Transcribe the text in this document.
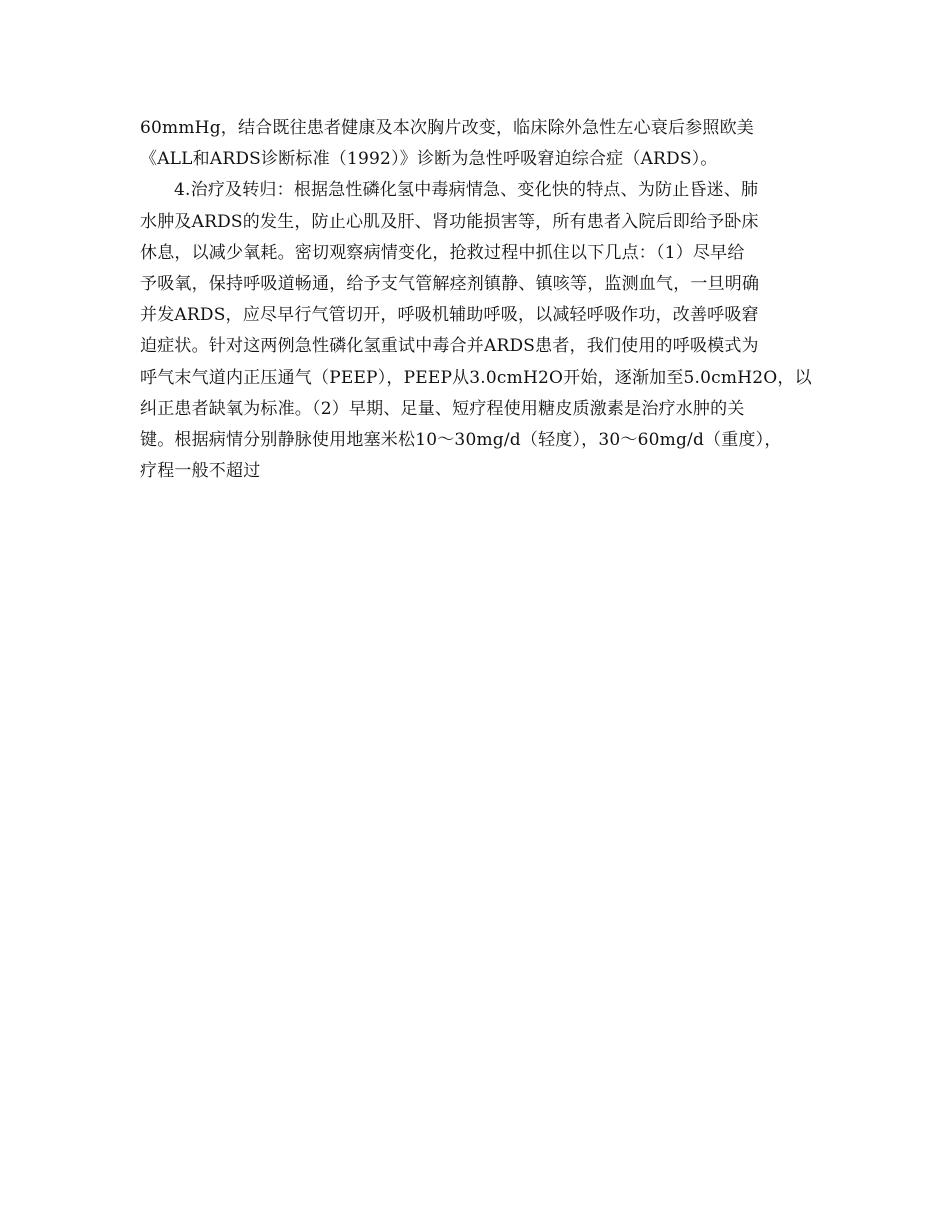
60mmHg，结合既往患者健康及本次胸片改变，临床除外急性左心衰后参照欧美
《ALL和ARDS诊断标准（1992）》诊断为急性呼吸窘迫综合症（ARDS）。
4.治疗及转归：根据急性磷化氢中毒病情急、变化快的特点、为防止昏迷、肺
水肿及ARDS的发生，防止心肌及肝、肾功能损害等，所有患者入院后即给予卧床
休息，以减少氧耗。密切观察病情变化，抢救过程中抓住以下几点：（1）尽早给
予吸氧，保持呼吸道畅通，给予支气管解痉剂镇静、镇咳等，监测血气，一旦明确
并发ARDS，应尽早行气管切开，呼吸机辅助呼吸，以减轻呼吸作功，改善呼吸窘
迫症状。针对这两例急性磷化氢重试中毒合并ARDS患者，我们使用的呼吸模式为
呼气末气道内正压通气（PEEP），PEEP从3.0cmH2O开始，逐渐加至5.0cmH2O，以
纠正患者缺氧为标准。（2）早期、足量、短疗程使用糖皮质激素是治疗水肿的关
键。根据病情分别静脉使用地塞米松10～30mg/d（轻度），30～60mg/d（重度），
疗程一般不超过
